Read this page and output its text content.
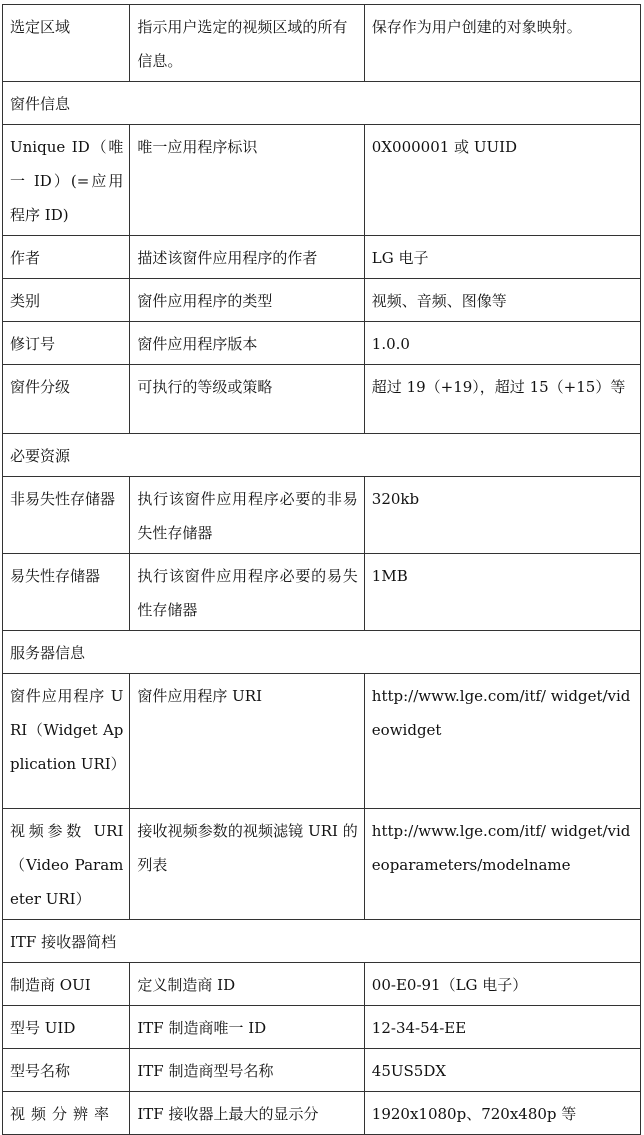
选定区域	指示用户选定的视频区域的所有信息。	保存作为用户创建的对象映射。
窗件信息		
Unique ID（唯一 ID）(=应用程序 ID)	唯一应用程序标识	0X000001 或 UUID
作者	描述该窗件应用程序的作者	LG 电子
类别	窗件应用程序的类型	视频、音频、图像等
修订号	窗件应用程序版本	1.0.0
窗件分级	可执行的等级或策略	超过 19（+19），超过 15（+15）等
必要资源		
非易失性存储器	执行该窗件应用程序必要的非易失性存储器	320kb
易失性存储器	执行该窗件应用程序必要的易失性存储器	1MB
服务器信息		
窗件应用程序 URI（Widget Application URI）	窗件应用程序 URI	http://www.lge.com/itf/ widget/videowidget
视频参数 URI（Video Parameter URI）	接收视频参数的视频滤镜 URI 的列表	http://www.lge.com/itf/ widget/videoparameters/modelname
ITF 接收器简档		
制造商 OUI	定义制造商 ID	00-E0-91（LG 电子）
型号 UID	ITF 制造商唯一 ID	12-34-54-EE
型号名称	ITF 制造商型号名称	45US5DX
视频分辨率	ITF 接收器上最大的显示分	1920x1080p、720x480p 等
